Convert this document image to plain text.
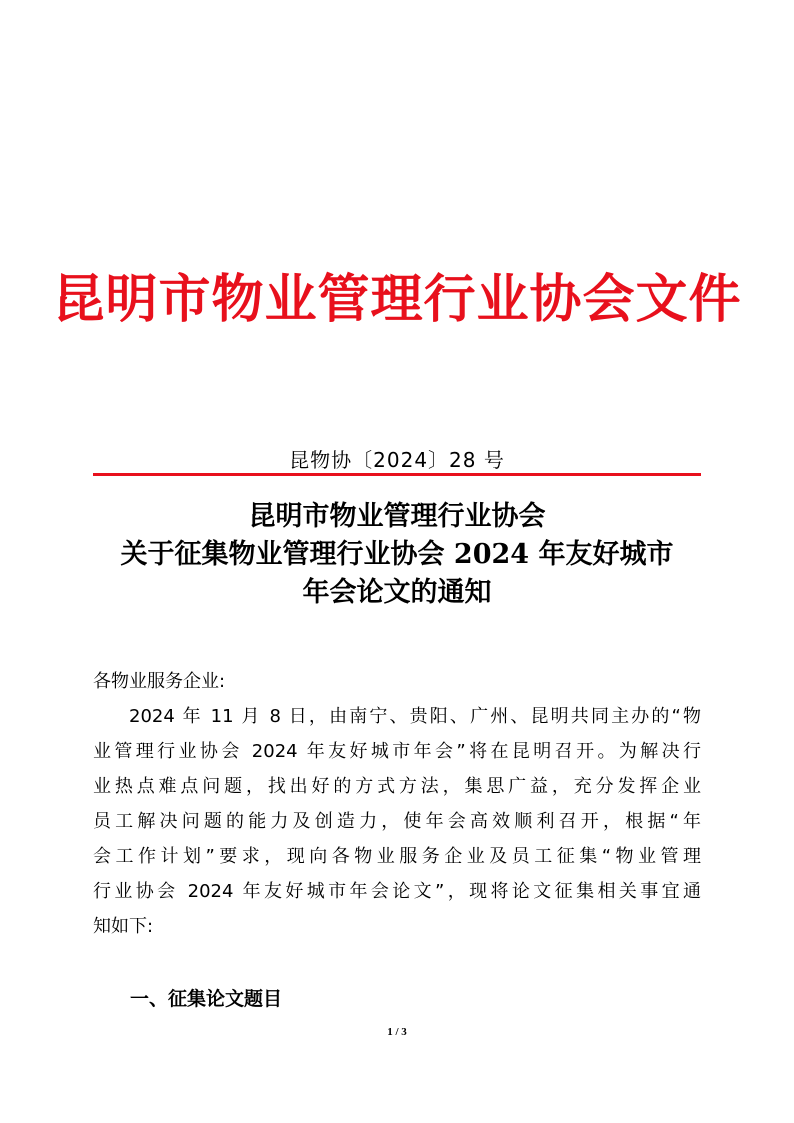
昆明市物业管理行业协会文件
昆物协〔2024〕28 号
昆明市物业管理行业协会
关于征集物业管理行业协会 2024 年友好城市
年会论文的通知
各物业服务企业:
2024 年 11 月 8 日，由南宁、贵阳、广州、昆明共同主办的“物
业管理行业协会 2024 年友好城市年会”将在昆明召开。为解决行
业热点难点问题，找出好的方式方法，集思广益，充分发挥企业
员工解决问题的能力及创造力，使年会高效顺利召开，根据“年
会工作计划”要求，现向各物业服务企业及员工征集“物业管理
行业协会 2024 年友好城市年会论文”，现将论文征集相关事宜通
知如下:
一、征集论文题目
1 / 3
